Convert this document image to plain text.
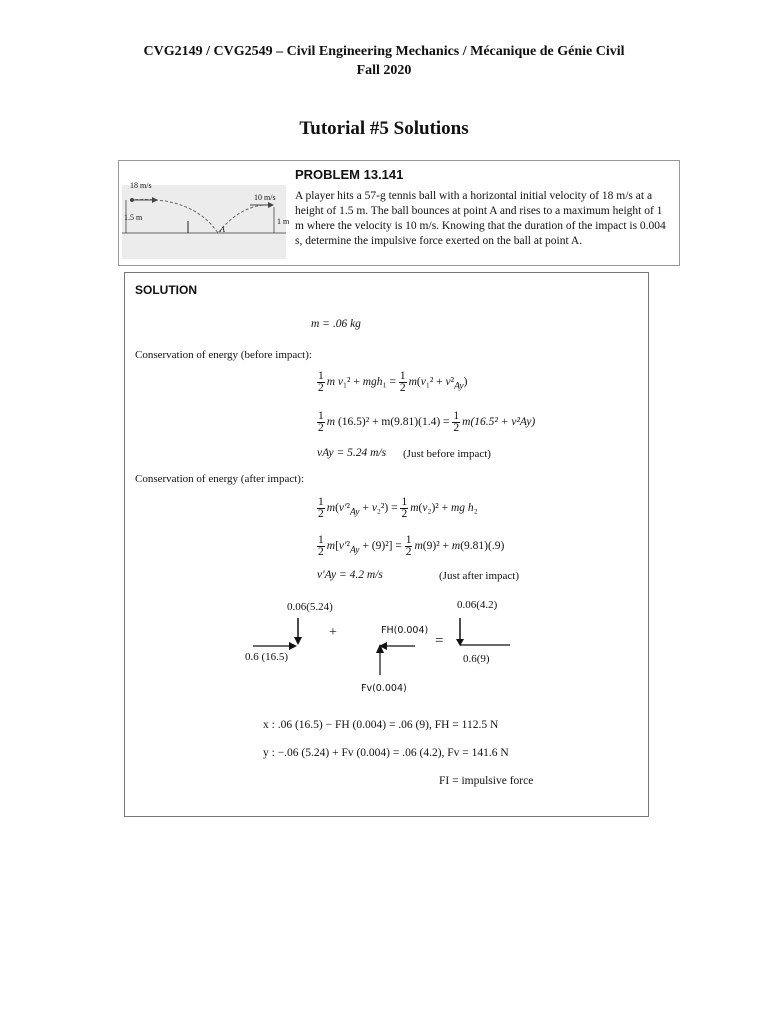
CVG2149 / CVG2549 – Civil Engineering Mechanics / Mécanique de Génie Civil
Fall 2020
Tutorial #5 Solutions
18 m/s
1.5 m
A
10 m/s
1 m
PROBLEM 13.141
A player hits a 57-g tennis ball with a horizontal initial velocity of 18 m/s at a height of 1.5 m. The ball bounces at point A and rises to a maximum height of 1 m where the velocity is 10 m/s. Knowing that the duration of the impact is 0.004 s, determine the impulsive force exerted on the ball at point A.
SOLUTION
m = .06 kg
Conservation of energy (before impact):
$\frac{1}{2}$ m $v_1^2 + mgh_1 = \frac{1}{2} m(v_1^2 + v^2_{Ay})$
$\frac{1}{2}$ m $(16.5)^2 + m(9.81)(1.4) = \frac{1}{2} m(16.5^2 + v^2Ay)$
vAy = 5.24 m/s (Just before impact)
Conservation of energy (after impact):
$\frac{1}{2} m(v'^2_{Ay} + v_2^2) = \frac{1}{2} m(v_2)^2$ + mg h₂
$\frac{1}{2} m[v'^2_{Ay} + (9)^2] = \frac{1}{2} m(9)^2 + m(9.81)(.9)$
v′Ay = 4.2 m/s	(Just after impact)
0.06(5.24)
0.6 (16.5)
+	FH(0.004)
Fv(0.004)
=
0.06(4.2)
0.6(9)
x : .06 (16.5) − FH (0.004) = .06 (9), FH = 112.5 N
y : −.06 (5.24) + Fv (0.004) = .06 (4.2), Fv = 141.6 N
FI = impulsive force
